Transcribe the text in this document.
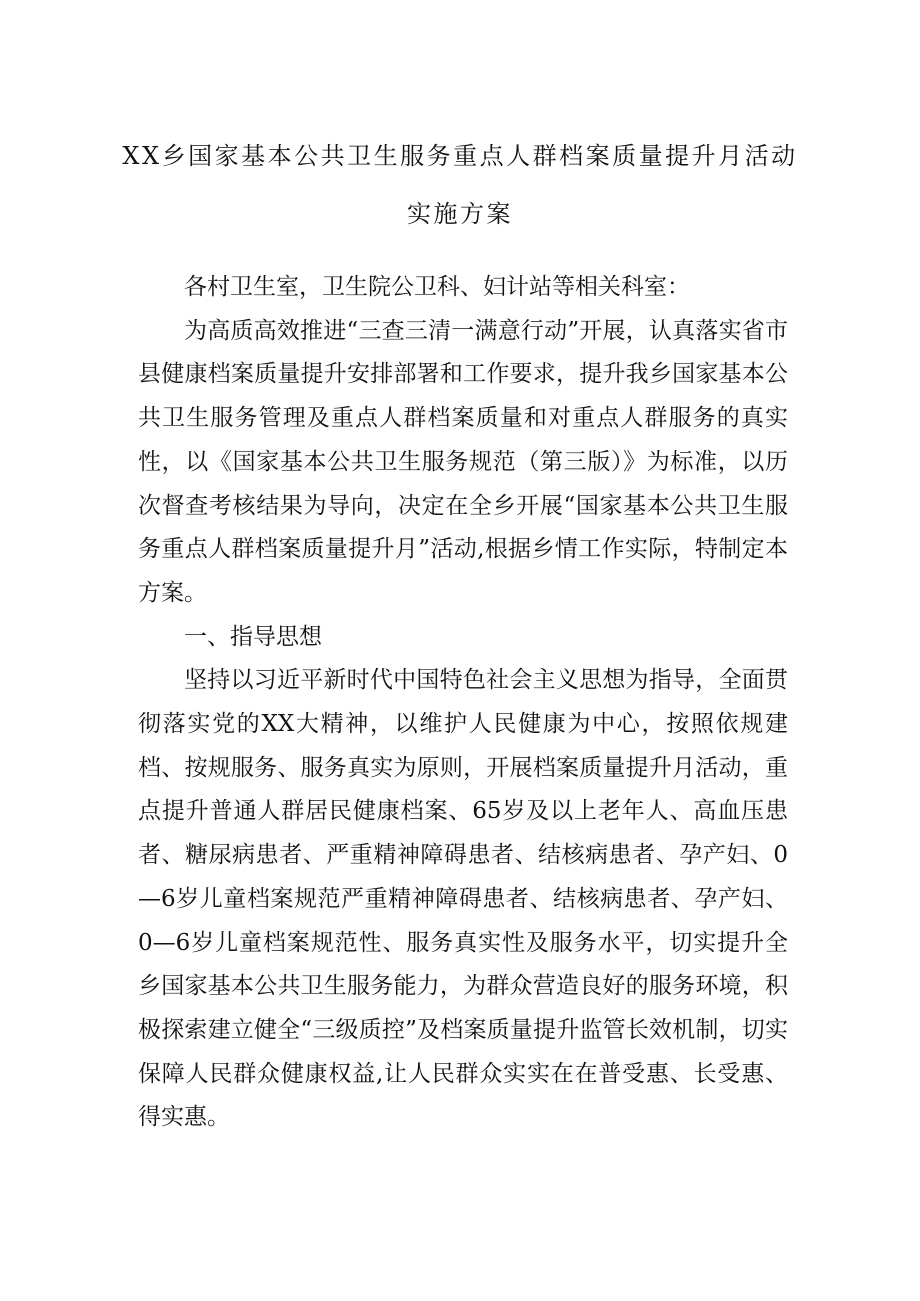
XX乡国家基本公共卫生服务重点人群档案质量提升月活动
实施方案

各村卫生室，卫生院公卫科、妇计站等相关科室：

为高质高效推进“三查三清一满意行动”开展，认真落实省市县健康档案质量提升安排部署和工作要求，提升我乡国家基本公共卫生服务管理及重点人群档案质量和对重点人群服务的真实性，以《国家基本公共卫生服务规范（第三版）》为标准，以历次督查考核结果为导向，决定在全乡开展“国家基本公共卫生服务重点人群档案质量提升月”活动,根据乡情工作实际，特制定本方案。

一、指导思想

坚持以习近平新时代中国特色社会主义思想为指导，全面贯彻落实党的XX大精神，以维护人民健康为中心，按照依规建档、按规服务、服务真实为原则，开展档案质量提升月活动，重点提升普通人群居民健康档案、65岁及以上老年人、高血压患者、糖尿病患者、严重精神障碍患者、结核病患者、孕产妇、0—6岁儿童档案规范严重精神障碍患者、结核病患者、孕产妇、0—6岁儿童档案规范性、服务真实性及服务水平，切实提升全乡国家基本公共卫生服务能力，为群众营造良好的服务环境，积极探索建立健全“三级质控”及档案质量提升监管长效机制，切实保障人民群众健康权益,让人民群众实实在在普受惠、长受惠、得实惠。
